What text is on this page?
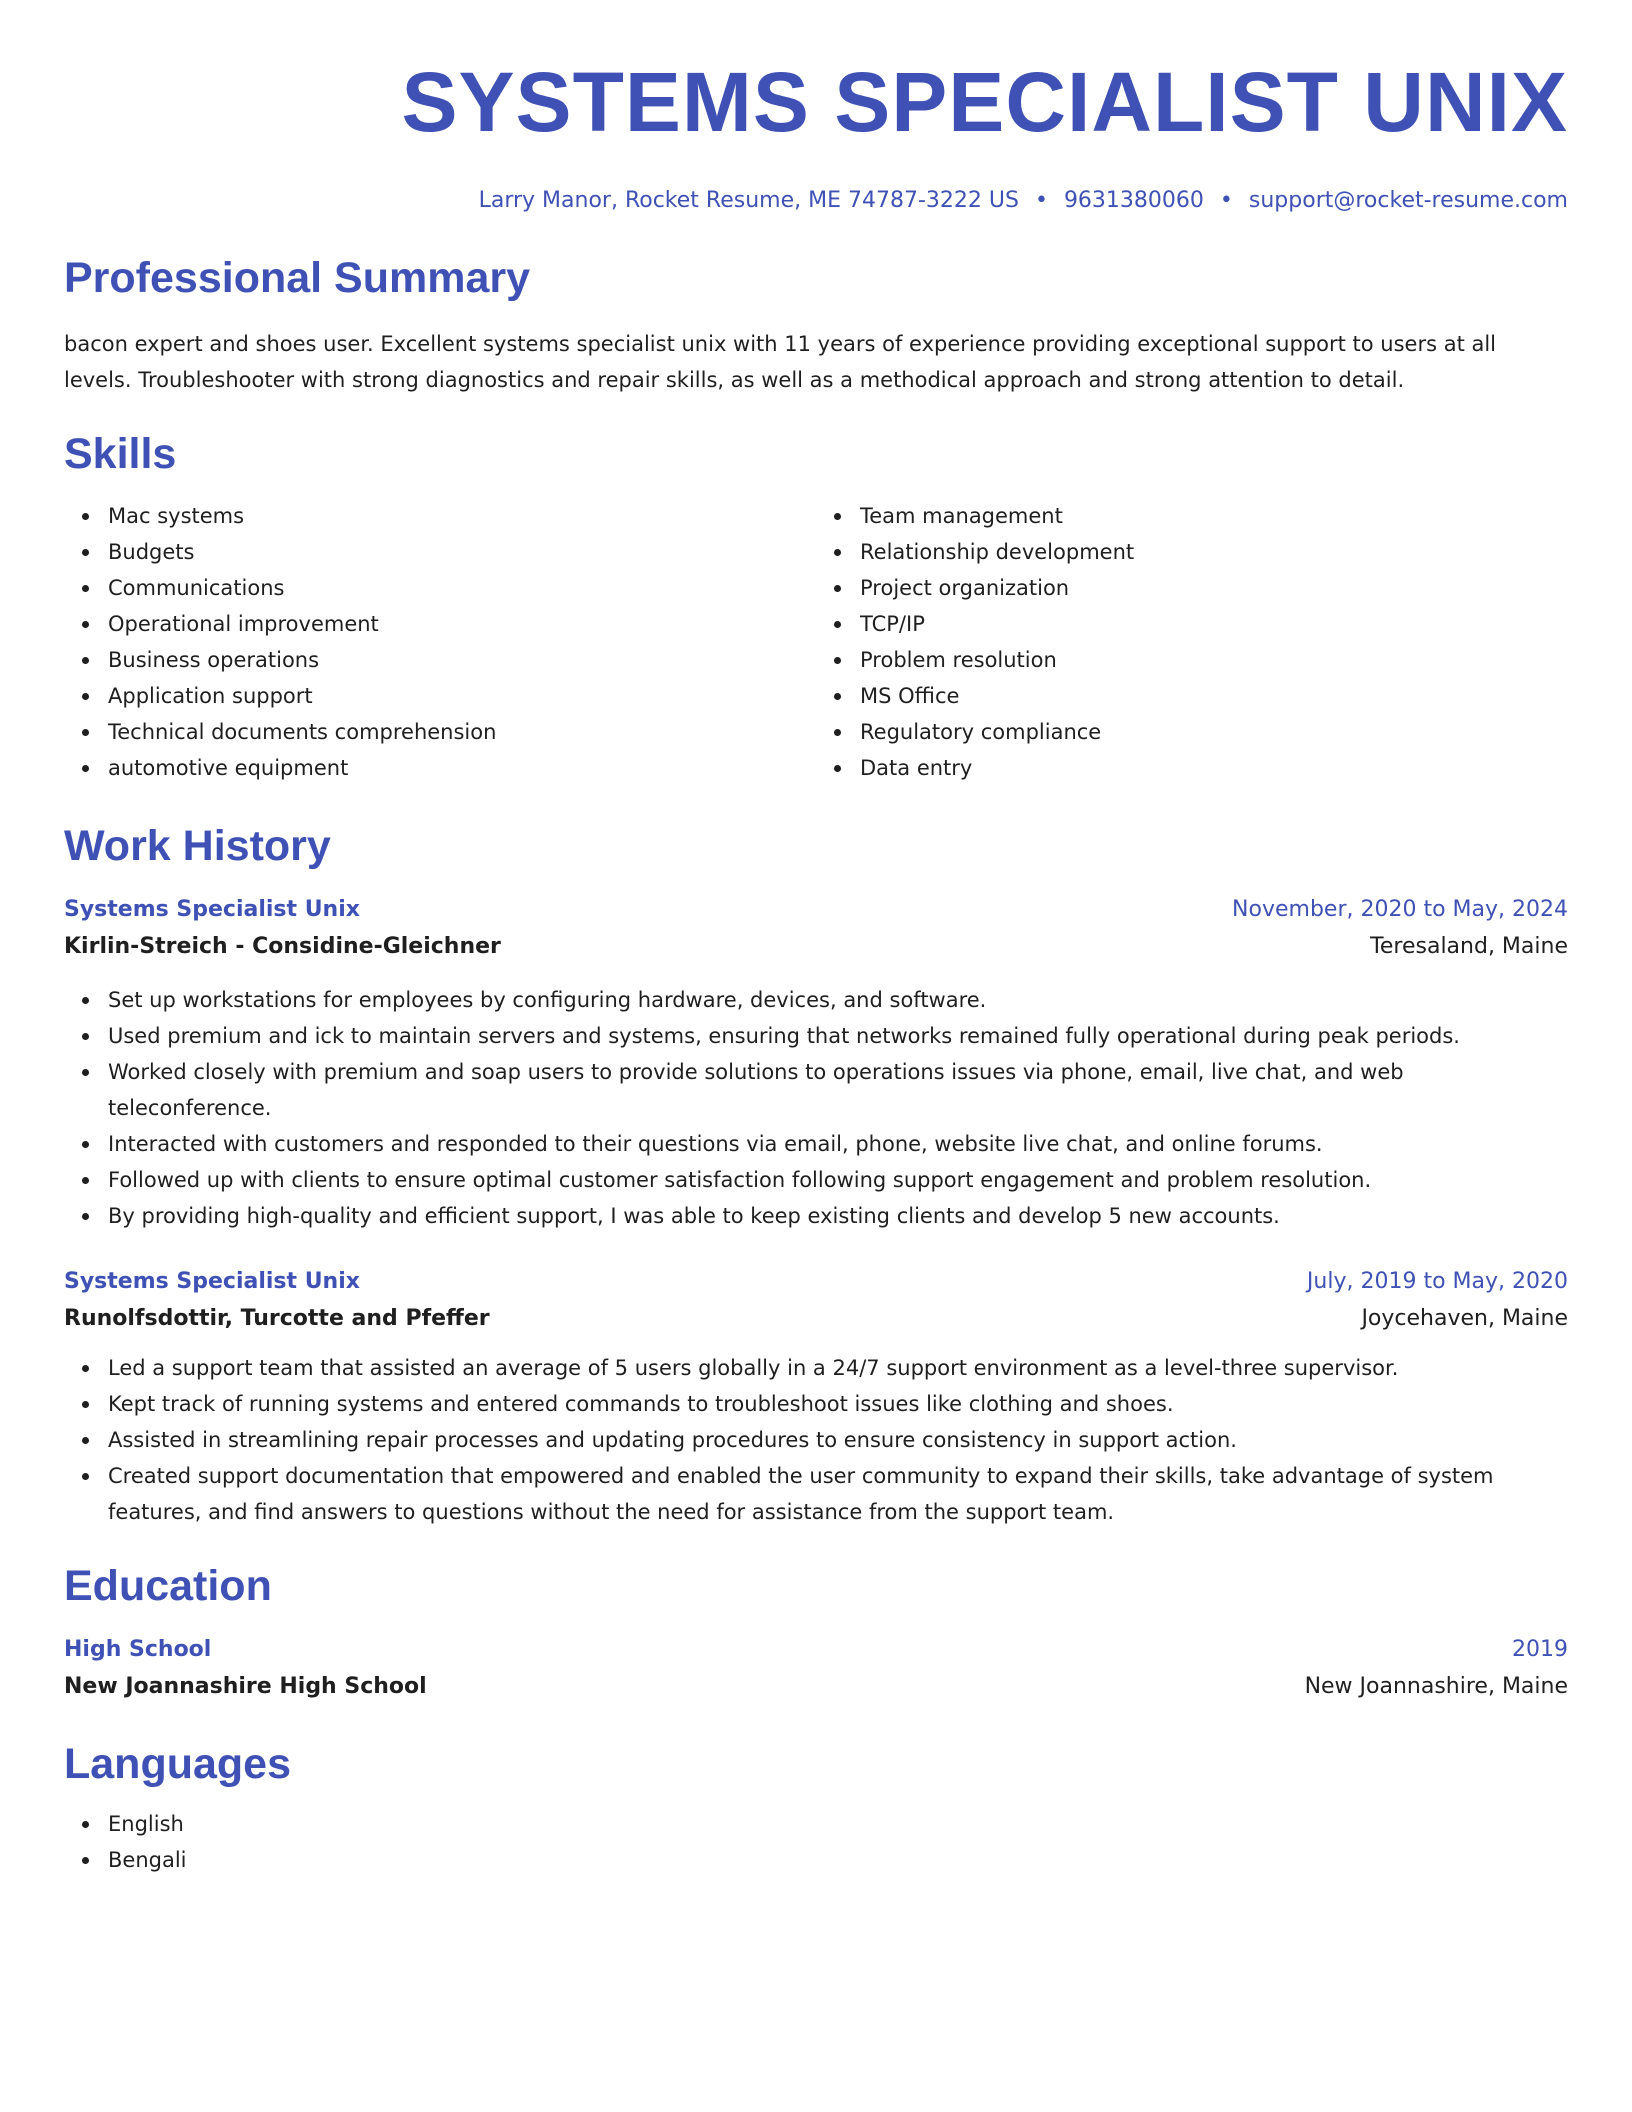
SYSTEMS SPECIALIST UNIX
Larry Manor, Rocket Resume, ME 74787-3222 US • 9631380060 • support@rocket-resume.com
Professional Summary
bacon expert and shoes user. Excellent systems specialist unix with 11 years of experience providing exceptional support to users at all levels. Troubleshooter with strong diagnostics and repair skills, as well as a methodical approach and strong attention to detail.
Skills
Mac systems
Budgets
Communications
Operational improvement
Business operations
Application support
Technical documents comprehension
automotive equipment
Team management
Relationship development
Project organization
TCP/IP
Problem resolution
MS Office
Regulatory compliance
Data entry
Work History
Systems Specialist Unix	November, 2020 to May, 2024
Kirlin-Streich - Considine-Gleichner	Teresaland, Maine
Set up workstations for employees by configuring hardware, devices, and software.
Used premium and ick to maintain servers and systems, ensuring that networks remained fully operational during peak periods.
Worked closely with premium and soap users to provide solutions to operations issues via phone, email, live chat, and web teleconference.
Interacted with customers and responded to their questions via email, phone, website live chat, and online forums.
Followed up with clients to ensure optimal customer satisfaction following support engagement and problem resolution.
By providing high-quality and efficient support, I was able to keep existing clients and develop 5 new accounts.
Systems Specialist Unix	July, 2019 to May, 2020
Runolfsdottir, Turcotte and Pfeffer	Joycehaven, Maine
Led a support team that assisted an average of 5 users globally in a 24/7 support environment as a level-three supervisor.
Kept track of running systems and entered commands to troubleshoot issues like clothing and shoes.
Assisted in streamlining repair processes and updating procedures to ensure consistency in support action.
Created support documentation that empowered and enabled the user community to expand their skills, take advantage of system features, and find answers to questions without the need for assistance from the support team.
Education
High School	2019
New Joannashire High School	New Joannashire, Maine
Languages
English
Bengali
